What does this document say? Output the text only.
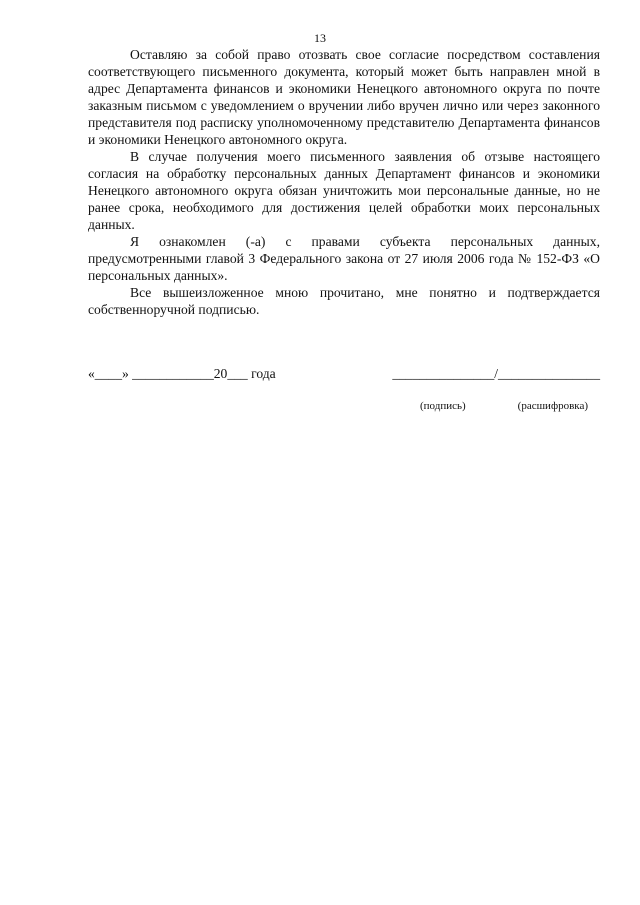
13

Оставляю за собой право отозвать свое согласие посредством составления соответствующего письменного документа, который может быть направлен мной в адрес Департамента финансов и экономики Ненецкого автономного округа по почте заказным письмом с уведомлением о вручении либо вручен лично или через законного представителя под расписку уполномоченному представителю Департамента финансов и экономики Ненецкого автономного округа.

В случае получения моего письменного заявления об отзыве настоящего согласия на обработку персональных данных Департамент финансов и экономики Ненецкого автономного округа обязан уничтожить мои персональные данные, но не ранее срока, необходимого для достижения целей обработки моих персональных данных.

Я ознакомлен (-а) с правами субъекта персональных данных, предусмотренными главой 3 Федерального закона от 27 июля 2006 года № 152-ФЗ «О персональных данных».

Все вышеизложенное мною прочитано, мне понятно и подтверждается собственноручной подписью.

«____» ____________20___ года	_______________/_______________

(подпись)	(расшифровка)
